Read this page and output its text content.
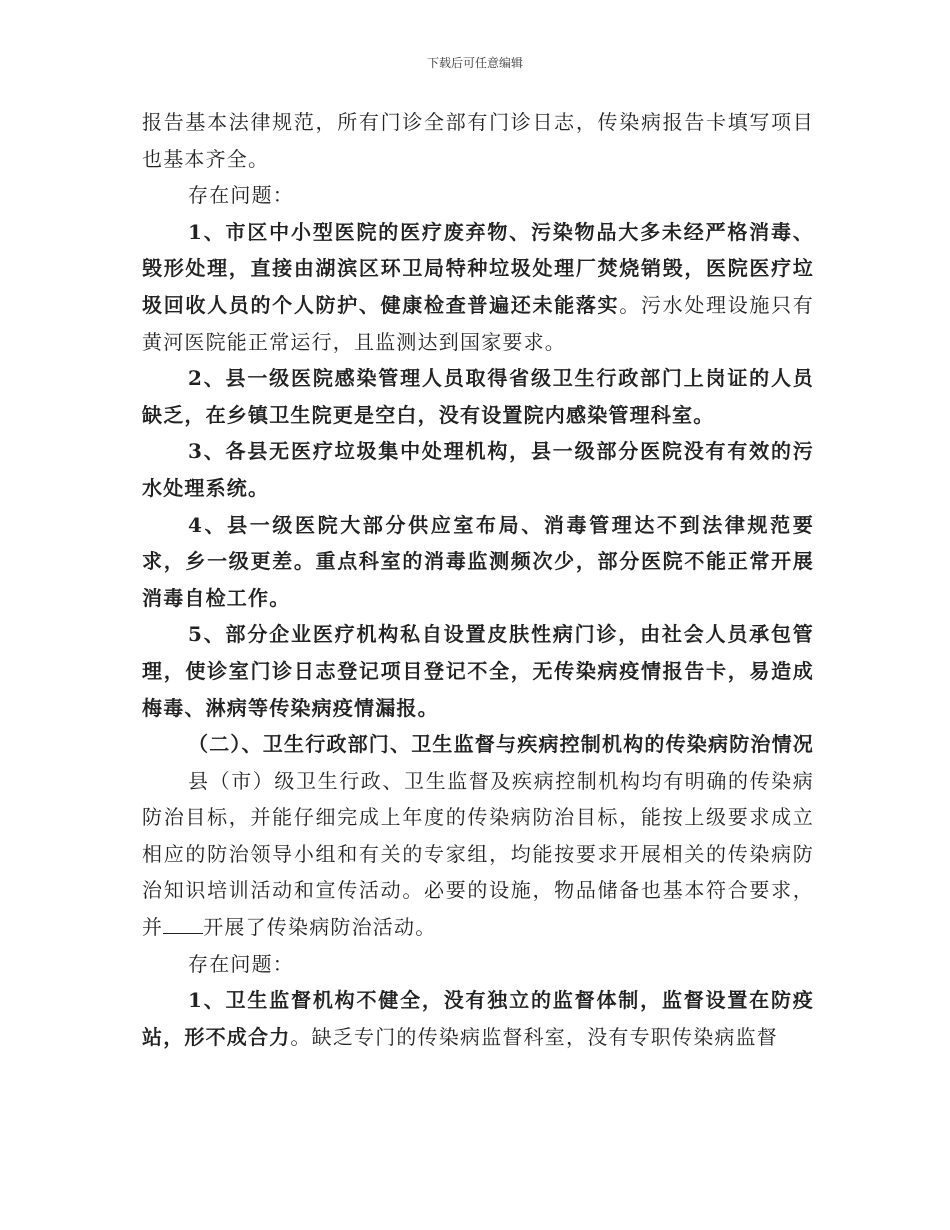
下载后可任意编辑

报告基本法律规范，所有门诊全部有门诊日志，传染病报告卡填写项目也基本齐全。

存在问题：

1、市区中小型医院的医疗废弃物、污染物品大多未经严格消毒、毁形处理，直接由湖滨区环卫局特种垃圾处理厂焚烧销毁，医院医疗垃圾回收人员的个人防护、健康检查普遍还未能落实。污水处理设施只有黄河医院能正常运行，且监测达到国家要求。

2、县一级医院感染管理人员取得省级卫生行政部门上岗证的人员缺乏，在乡镇卫生院更是空白，没有设置院内感染管理科室。

3、各县无医疗垃圾集中处理机构，县一级部分医院没有有效的污水处理系统。

4、县一级医院大部分供应室布局、消毒管理达不到法律规范要求，乡一级更差。重点科室的消毒监测频次少，部分医院不能正常开展消毒自检工作。

5、部分企业医疗机构私自设置皮肤性病门诊，由社会人员承包管理，使诊室门诊日志登记项目登记不全，无传染病疫情报告卡，易造成梅毒、淋病等传染病疫情漏报。

（二）、卫生行政部门、卫生监督与疾病控制机构的传染病防治情况

县（市）级卫生行政、卫生监督及疾病控制机构均有明确的传染病防治目标，并能仔细完成上年度的传染病防治目标，能按上级要求成立相应的防治领导小组和有关的专家组，均能按要求开展相关的传染病防治知识培训活动和宣传活动。必要的设施，物品储备也基本符合要求，并 开展了传染病防治活动。

存在问题：

1、卫生监督机构不健全，没有独立的监督体制，监督设置在防疫站，形不成合力。缺乏专门的传染病监督科室，没有专职传染病监督
